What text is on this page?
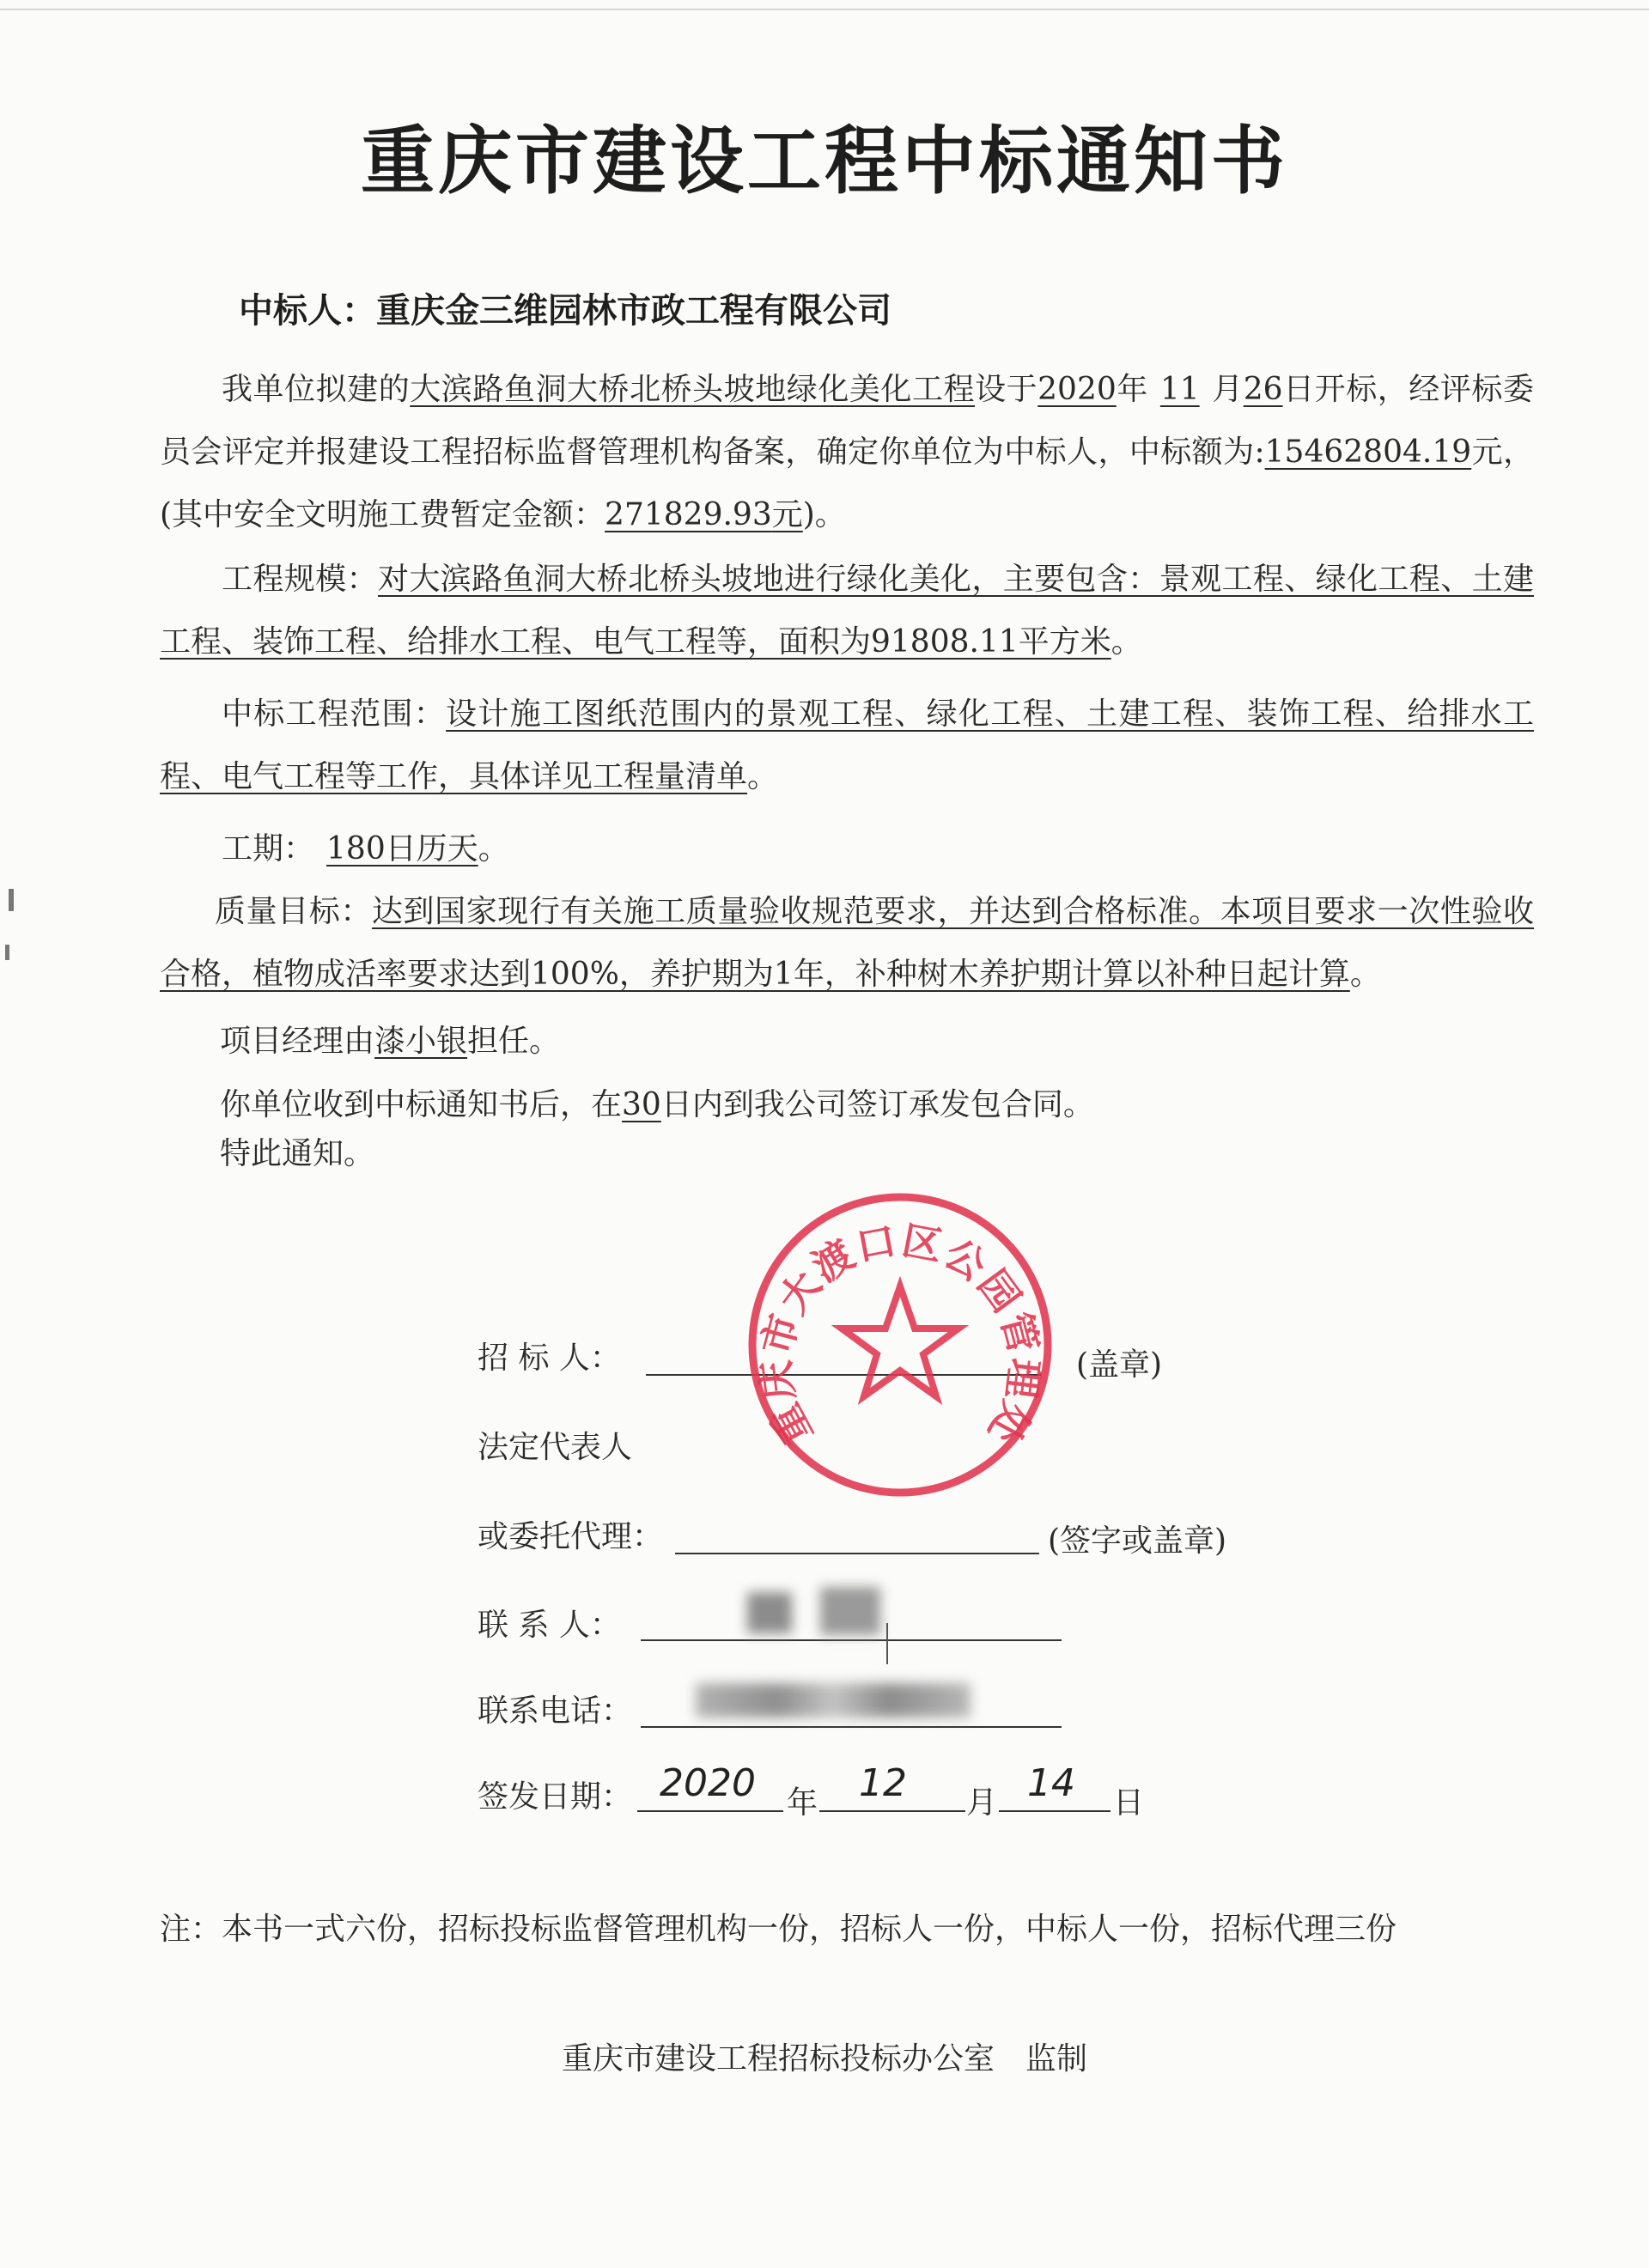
重庆市建设工程中标通知书
中标人：重庆金三维园林市政工程有限公司
我单位拟建的大滨路鱼洞大桥北桥头坡地绿化美化工程设于2020年 11 月26日开标，经评标委员会评定并报建设工程招标监督管理机构备案，确定你单位为中标人，中标额为:15462804.19元，(其中安全文明施工费暂定金额：271829.93元)。
工程规模：对大滨路鱼洞大桥北桥头坡地进行绿化美化，主要包含：景观工程、绿化工程、土建工程、装饰工程、给排水工程、电气工程等，面积为91808.11平方米。
中标工程范围：设计施工图纸范围内的景观工程、绿化工程、土建工程、装饰工程、给排水工程、电气工程等工作，具体详见工程量清单。
工期： 180日历天。
质量目标：达到国家现行有关施工质量验收规范要求，并达到合格标准。本项目要求一次性验收合格，植物成活率要求达到100%，养护期为1年，补种树木养护期计算以补种日起计算。
项目经理由漆小银担任。
你单位收到中标通知书后，在30日内到我公司签订承发包合同。
特此通知。
招 标 人：	(盖章)
法定代表人
或委托代理：	(签字或盖章)
联 系 人：
联系电话：
签发日期： 2020 年 12 月 14 日
重庆市大渡口区公园管理处
注：本书一式六份，招标投标监督管理机构一份，招标人一份，中标人一份，招标代理三份
重庆市建设工程招标投标办公室　监制
